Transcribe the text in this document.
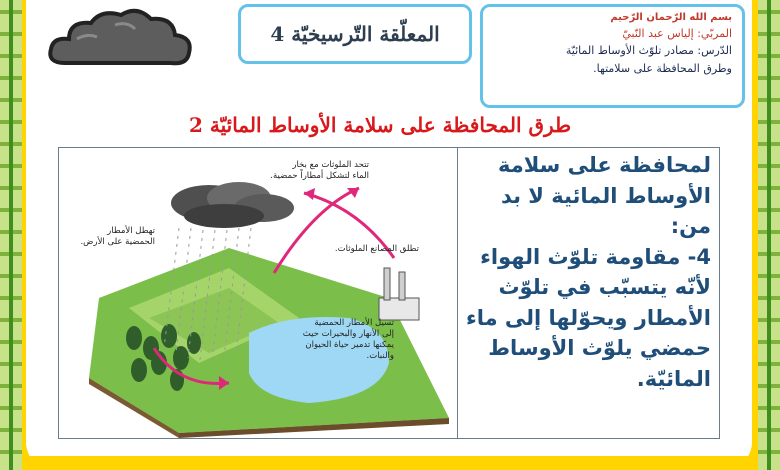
المعلّقة التّرسيخيّة 4
بسم الله الرّحمان الرّحيم
المربّي: إلياس عبد النّبيّ
الدّرس: مصادر تلوّث الأوساط المائيّة
وطرق المحافظة على سلامتها.
طرق المحافظة على سلامة الأوساط المائيّة 2
لمحافظة على سلامة
الأوساط المائية لا بد
من:
4- مقاومة تلوّث الهواء
لأنّه يتسبّب في تلوّث
الأمطار ويحوّلها إلى ماء
حمضي يلوّث الأوساط
المائيّة.
تتحد الملوثات مع بخار
الماء لتشكل أمطاراً حمضية.
تهطل الأمطار
الحمضية على الأرض.
تطلق المصانع الملوثات.
تسيل الأمطار الحمضية
إلى الأنهار والبحيرات حيث
يمكنها تدمير حياة الحيوان
والنبات.
